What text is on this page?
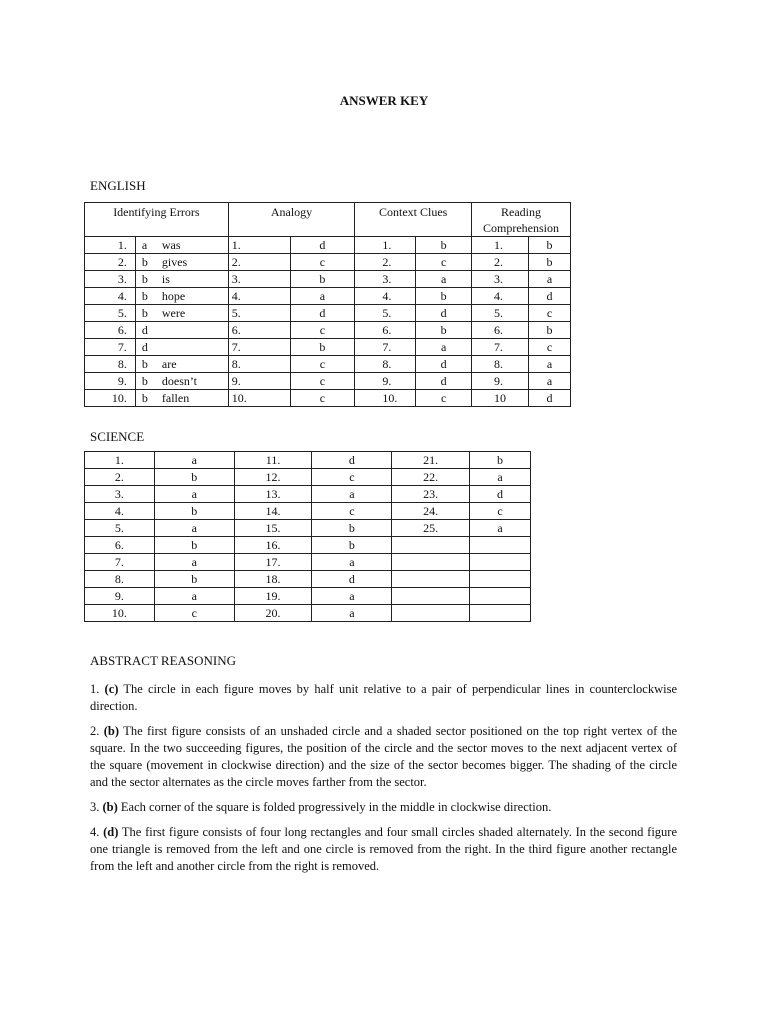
ANSWER KEY
ENGLISH
Identifying Errors		Analogy		Context Clues		Reading
Comprehension	
1.	a was	1.	d	1.	b	1.	b
2.	b gives	2.	c	2.	c	2.	b
3.	b is	3.	b	3.	a	3.	a
4.	b hope	4.	a	4.	b	4.	d
5.	b were	5.	d	5.	d	5.	c
6.	d	6.	c	6.	b	6.	b
7.	d	7.	b	7.	a	7.	c
8.	b are	8.	c	8.	d	8.	a
9.	b doesn’t	9.	c	9.	d	9.	a
10.	b fallen	10.	c	10.	c	10	d
SCIENCE
1.	a	11.	d	21.	b
2.	b	12.	c	22.	a
3.	a	13.	a	23.	d
4.	b	14.	c	24.	c
5.	a	15.	b	25.	a
6.	b	16.	b		
7.	a	17.	a		
8.	b	18.	d		
9.	a	19.	a		
10.	c	20.	a		
ABSTRACT REASONING

1. (c) The circle in each figure moves by half unit relative to a pair of perpendicular lines in counterclockwise direction.

2. (b) The first figure consists of an unshaded circle and a shaded sector positioned on the top right vertex of the square. In the two succeeding figures, the position of the circle and the sector moves to the next adjacent vertex of the square (movement in clockwise direction) and the size of the sector becomes bigger. The shading of the circle and the sector alternates as the circle moves farther from the sector.

3. (b) Each corner of the square is folded progressively in the middle in clockwise direction.

4. (d) The first figure consists of four long rectangles and four small circles shaded alternately. In the second figure one triangle is removed from the left and one circle is removed from the right. In the third figure another rectangle from the left and another circle from the right is removed.
